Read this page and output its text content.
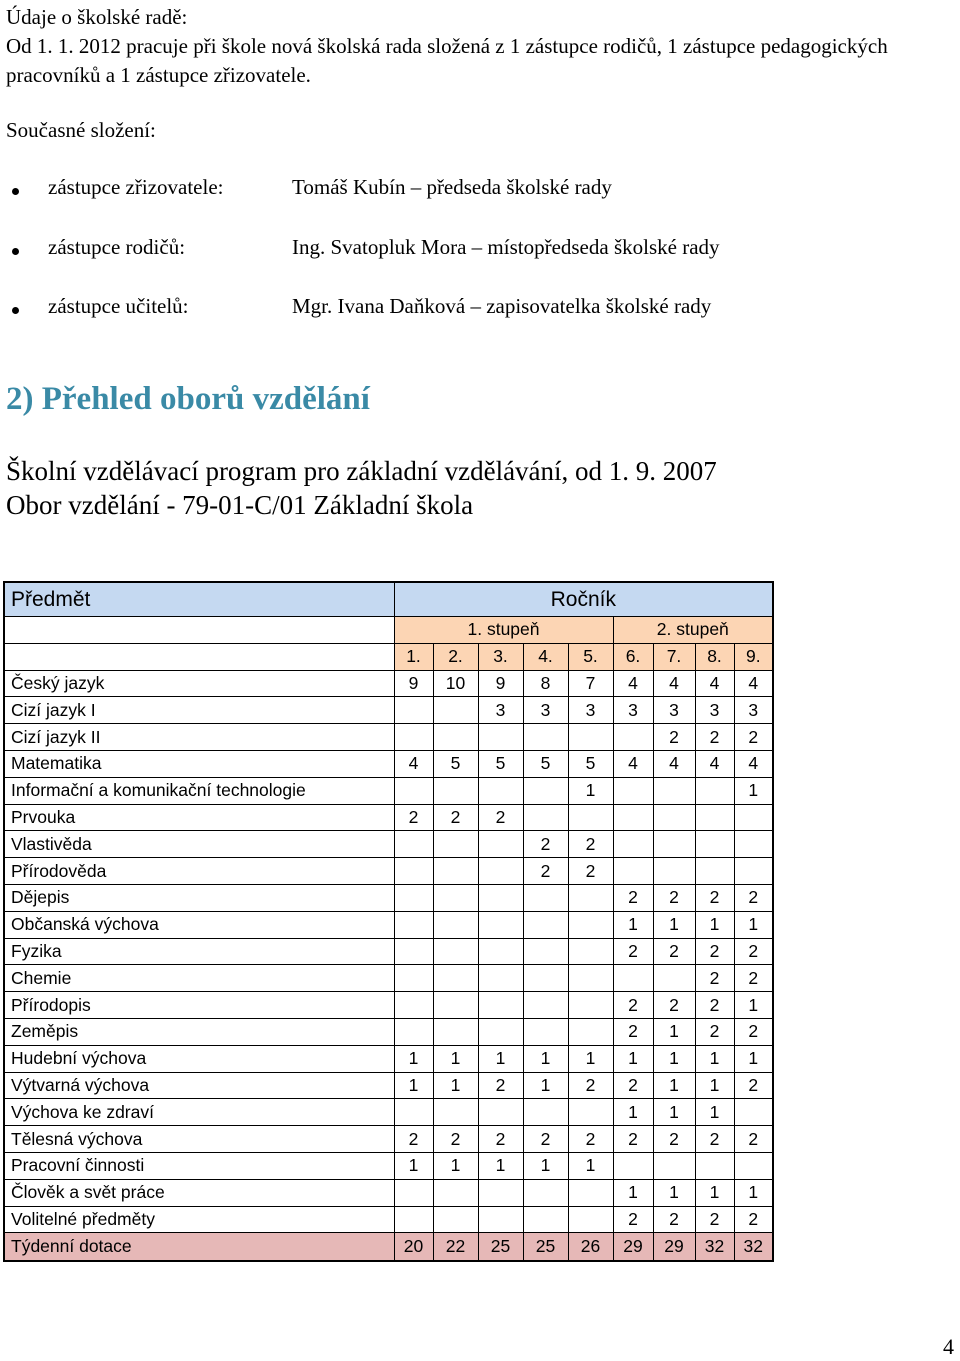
Údaje o školské radě:
Od 1. 1. 2012 pracuje při škole nová školská rada složená z 1 zástupce rodičů, 1 zástupce pedagogických pracovníků a 1 zástupce zřizovatele.
Současné složení:
zástupce zřizovatele:	Tomáš Kubín – předseda školské rady
zástupce rodičů:	Ing. Svatopluk Mora – místopředseda školské rady
zástupce učitelů:	Mgr. Ivana Daňková – zapisovatelka školské rady
2) Přehled oborů vzdělání
Školní vzdělávací program pro základní vzdělávání, od 1. 9. 2007
Obor vzdělání - 79-01-C/01 Základní škola
Předmět	Ročník								
	1. stupeň					2. stupeň			
	1.	2.	3.	4.	5.	6.	7.	8.	9.
Český jazyk	9	10	9	8	7	4	4	4	4
Cizí jazyk I			3	3	3	3	3	3	3
Cizí jazyk II							2	2	2
Matematika	4	5	5	5	5	4	4	4	4
Informační a komunikační technologie					1				1
Prvouka	2	2	2						
Vlastivěda				2	2				
Přírodověda				2	2				
Dějepis						2	2	2	2
Občanská výchova						1	1	1	1
Fyzika						2	2	2	2
Chemie								2	2
Přírodopis						2	2	2	1
Zeměpis						2	1	2	2
Hudební výchova	1	1	1	1	1	1	1	1	1
Výtvarná výchova	1	1	2	1	2	2	1	1	2
Výchova ke zdraví						1	1	1	
Tělesná výchova	2	2	2	2	2	2	2	2	2
Pracovní činnosti	1	1	1	1	1				
Člověk a svět práce						1	1	1	1
Volitelné předměty						2	2	2	2
Týdenní dotace	20	22	25	25	26	29	29	32	32
4
